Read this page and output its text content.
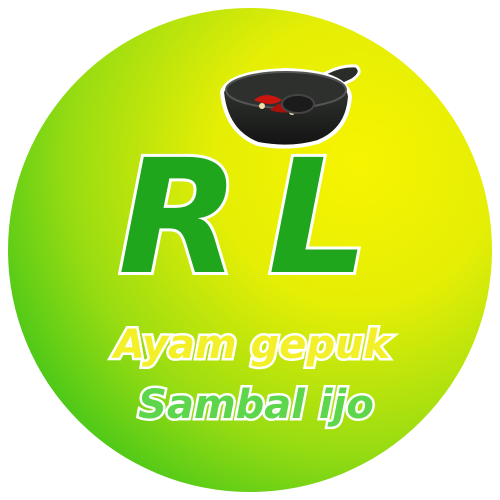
R L
Ayam gepuk
Sambal ijo
